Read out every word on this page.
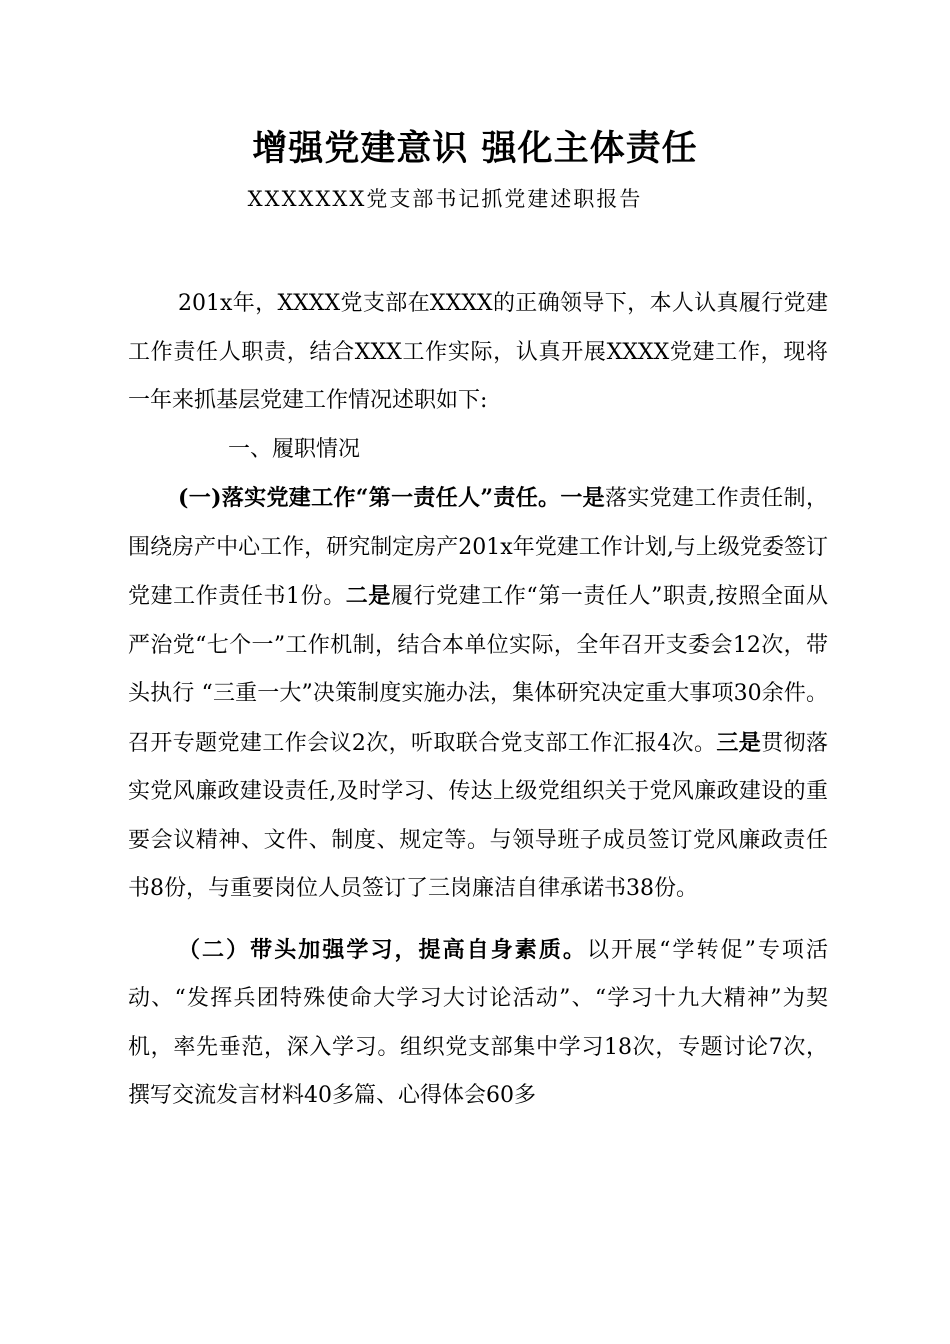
增强党建意识 强化主体责任
XXXXXXX党支部书记抓党建述职报告

201x年，XXXX党支部在XXXX的正确领导下，本人认真履行党建工作责任人职责，结合XXX工作实际，认真开展XXXX党建工作，现将一年来抓基层党建工作情况述职如下:

一、履职情况

(一)落实党建工作“第一责任人”责任。一是落实党建工作责任制，围绕房产中心工作，研究制定房产201x年党建工作计划,与上级党委签订党建工作责任书1份。二是履行党建工作“第一责任人”职责,按照全面从严治党“七个一”工作机制，结合本单位实际，全年召开支委会12次，带头执行 “三重一大”决策制度实施办法，集体研究决定重大事项30余件。召开专题党建工作会议2次，听取联合党支部工作汇报4次。三是贯彻落实党风廉政建设责任,及时学习、传达上级党组织关于党风廉政建设的重要会议精神、文件、制度、规定等。与领导班子成员签订党风廉政责任书8份，与重要岗位人员签订了三岗廉洁自律承诺书38份。

（二）带头加强学习，提高自身素质。以开展“学转促”专项活动、“发挥兵团特殊使命大学习大讨论活动”、“学习十九大精神”为契机，率先垂范，深入学习。组织党支部集中学习18次，专题讨论7次，撰写交流发言材料40多篇、心得体会60多
